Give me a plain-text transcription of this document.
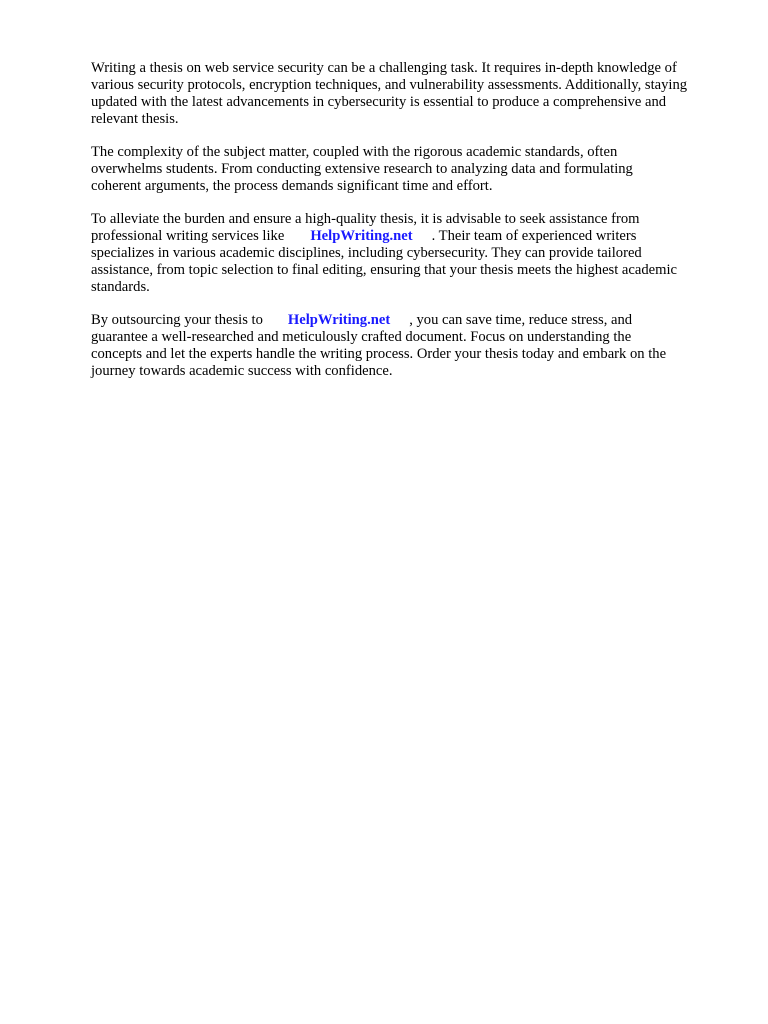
Writing a thesis on web service security can be a challenging task. It requires in-depth knowledge of
various security protocols, encryption techniques, and vulnerability assessments. Additionally, staying
updated with the latest advancements in cybersecurity is essential to produce a comprehensive and
relevant thesis.

The complexity of the subject matter, coupled with the rigorous academic standards, often
overwhelms students. From conducting extensive research to analyzing data and formulating
coherent arguments, the process demands significant time and effort.

To alleviate the burden and ensure a high-quality thesis, it is advisable to seek assistance from
professional writing services like HelpWriting.net . Their team of experienced writers
specializes in various academic disciplines, including cybersecurity. They can provide tailored
assistance, from topic selection to final editing, ensuring that your thesis meets the highest academic
standards.

By outsourcing your thesis to HelpWriting.net , you can save time, reduce stress, and
guarantee a well-researched and meticulously crafted document. Focus on understanding the
concepts and let the experts handle the writing process. Order your thesis today and embark on the
journey towards academic success with confidence.
